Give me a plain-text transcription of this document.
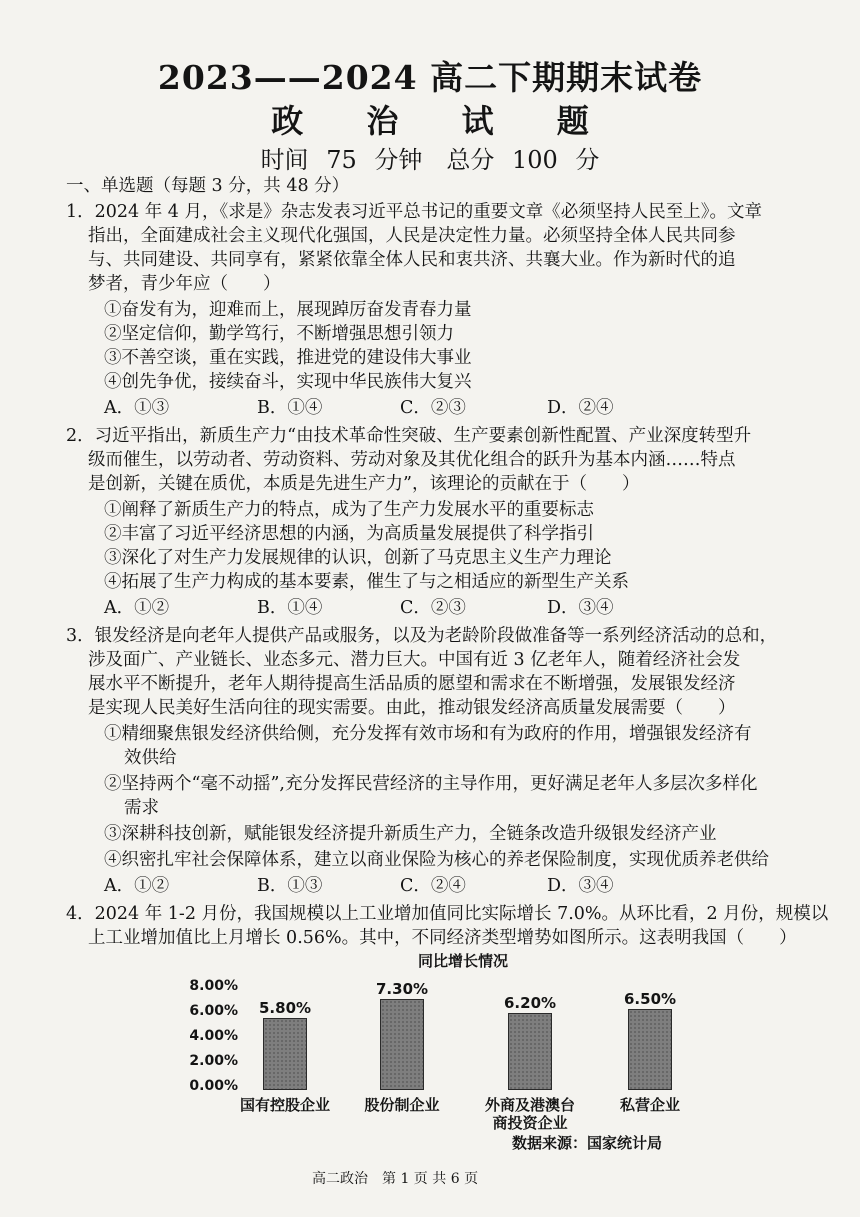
2023——2024 高二下期期末试卷
政 治 试 题
时间 75 分钟　总分 100 分
一、单选题（每题 3 分，共 48 分）
1．2024 年 4 月，《求是》杂志发表习近平总书记的重要文章《必须坚持人民至上》。文章
指出，全面建成社会主义现代化强国，人民是决定性力量。必须坚持全体人民共同参
与、共同建设、共同享有，紧紧依靠全体人民和衷共济、共襄大业。作为新时代的追
梦者，青少年应（　　）
①奋发有为，迎难而上，展现踔厉奋发青春力量
②坚定信仰，勤学笃行，不断增强思想引领力
③不善空谈，重在实践，推进党的建设伟大事业
④创先争优，接续奋斗，实现中华民族伟大复兴
A．①③	B．①④	C．②③	D．②④
2．习近平指出，新质生产力“由技术革命性突破、生产要素创新性配置、产业深度转型升
级而催生，以劳动者、劳动资料、劳动对象及其优化组合的跃升为基本内涵……特点
是创新，关键在质优，本质是先进生产力”，该理论的贡献在于（　　）
①阐释了新质生产力的特点，成为了生产力发展水平的重要标志
②丰富了习近平经济思想的内涵，为高质量发展提供了科学指引
③深化了对生产力发展规律的认识，创新了马克思主义生产力理论
④拓展了生产力构成的基本要素，催生了与之相适应的新型生产关系
A．①②	B．①④	C．②③	D．③④
3．银发经济是向老年人提供产品或服务，以及为老龄阶段做准备等一系列经济活动的总和，
涉及面广、产业链长、业态多元、潜力巨大。中国有近 3 亿老年人，随着经济社会发
展水平不断提升，老年人期待提高生活品质的愿望和需求在不断增强，发展银发经济
是实现人民美好生活向往的现实需要。由此，推动银发经济高质量发展需要（　　）
①精细聚焦银发经济供给侧，充分发挥有效市场和有为政府的作用，增强银发经济有
效供给
②坚持两个“毫不动摇”,充分发挥民营经济的主导作用，更好满足老年人多层次多样化
需求
③深耕科技创新，赋能银发经济提升新质生产力，全链条改造升级银发经济产业
④织密扎牢社会保障体系，建立以商业保险为核心的养老保险制度，实现优质养老供给
A．①②	B．①③	C．②④	D．③④
4．2024 年 1-2 月份，我国规模以上工业增加值同比实际增长 7.0%。从环比看，2 月份，规模以
上工业增加值比上月增长 0.56%。其中，不同经济类型增势如图所示。这表明我国（　　）
同比增长情况
8.00%
6.00%
4.00%
2.00%
0.00%
5.80%
国有控股企业
7.30%
股份制企业
6.20%
外商及港澳台
商投资企业
6.50%
私营企业
数据来源：国家统计局
高二政治　第 1 页 共 6 页
